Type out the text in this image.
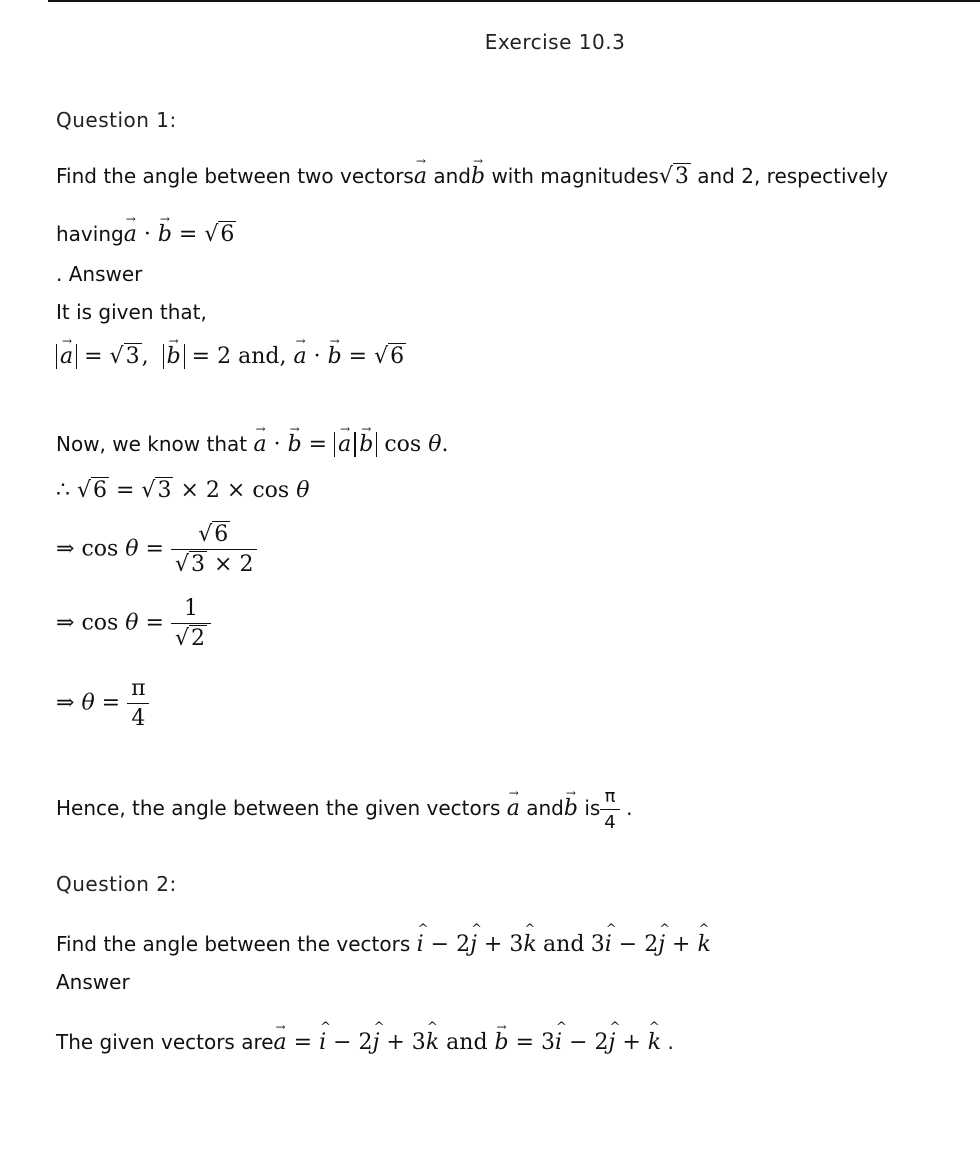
Exercise 10.3
Question 1:
Find the angle between two vectors→ a and→ b with magnitudes√3 and 2, respectively
having→ a · → b = √6
. Answer
It is given that,
→ a = √3,  → b = 2 and, → a · → b = √6
Now, we know that → a · → b = → a → b cos θ.
∴ √6 = √3 × 2 × cos θ
⇒ $\cos \theta = \frac{√6}{√3 \times 2}$
⇒ $\cos \theta = \frac{1}{√2}$
⇒ $\theta = \frac{\pi}{4}$
Hence, the angle between the given vectors → a and→ b is $\frac{\pi}{4}$ .
Question 2:
Find the angle between the vectors ^ i − 2^ j + 3^ k and 3^ i − 2^ j + ^ k
Answer
The given vectors are→ a = ^ i − 2^ j + 3^ k and → b = 3^ i − 2^ j + ^ k .
